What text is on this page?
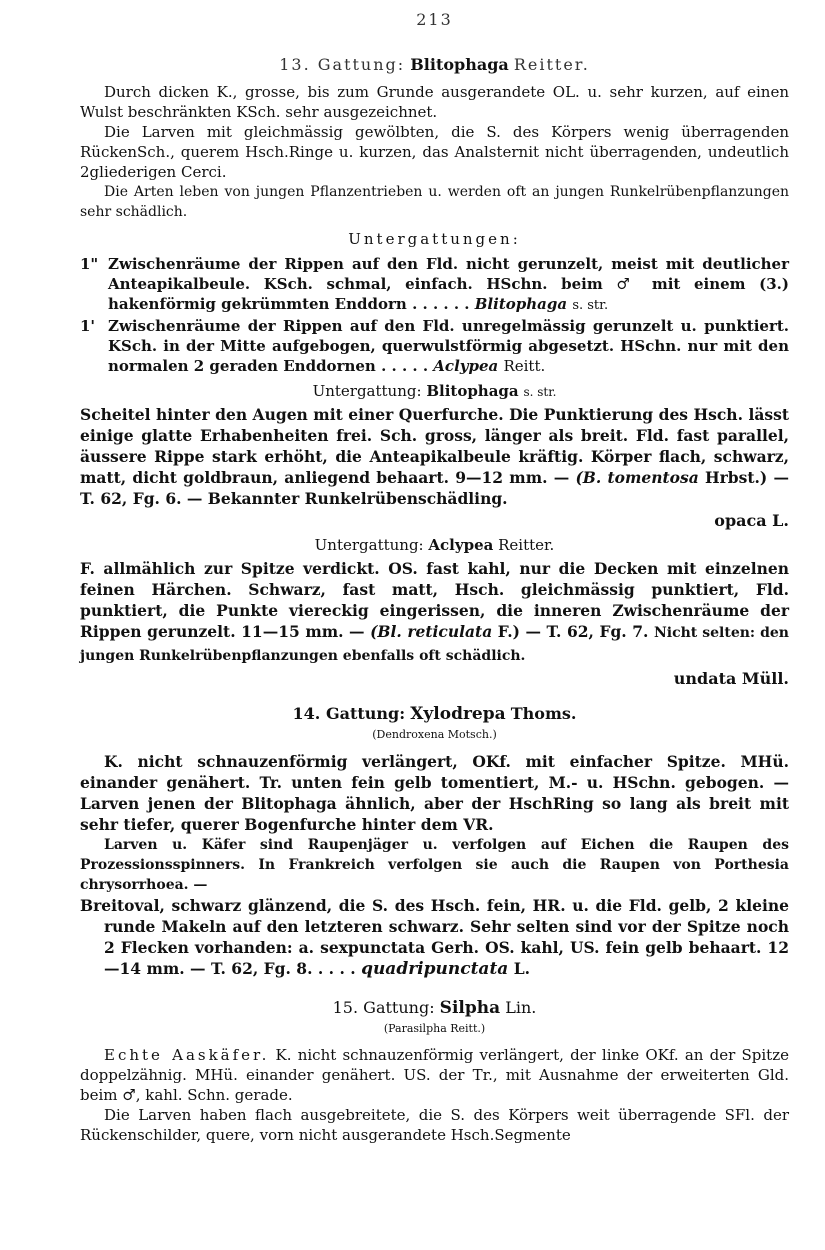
213
13. Gattung: Blitophaga Reitter.

Durch dicken K., grosse, bis zum Grunde ausgerandete OL. u. sehr kurzen, auf einen Wulst beschränkten KSch. sehr ausgezeichnet.

Die Larven mit gleichmässig gewölbten, die S. des Körpers wenig überragenden RückenSch., querem Hsch.Ringe u. kurzen, das Analsternit nicht überragenden, undeutlich 2gliederigen Cerci.

Die Arten leben von jungen Pflanzentrieben u. werden oft an jungen Runkelrübenpflanzungen sehr schädlich.

Untergattungen:
1" Zwischenräume der Rippen auf den Fld. nicht gerunzelt, meist mit deutlicher Anteapikalbeule. KSch. schmal, einfach. HSchn. beim ♂ mit einem (3.) hakenförmig gekrümmten Enddorn . . . . . . Blitophaga s. str.
1' Zwischenräume der Rippen auf den Fld. unregelmässig gerunzelt u. punktiert. KSch. in der Mitte aufgebogen, querwulstförmig abgesetzt. HSchn. nur mit den normalen 2 geraden Enddornen . . . . . Aclypea Reitt.
Untergattung: Blitophaga s. str.

Scheitel hinter den Augen mit einer Querfurche. Die Punktierung des Hsch. lässt einige glatte Erhabenheiten frei. Sch. gross, länger als breit. Fld. fast parallel, äussere Rippe stark erhöht, die Anteapikalbeule kräftig. Körper flach, schwarz, matt, dicht goldbraun, anliegend behaart. 9—12 mm. — (B. tomentosa Hrbst.) — T. 62, Fg. 6. — Bekannter Runkelrübenschädling.

opaca L.
Untergattung: Aclypea Reitter.

F. allmählich zur Spitze verdickt. OS. fast kahl, nur die Decken mit einzelnen feinen Härchen. Schwarz, fast matt, Hsch. gleichmässig punktiert, Fld. punktiert, die Punkte viereckig eingerissen, die inneren Zwischenräume der Rippen gerunzelt. 11—15 mm. — (Bl. reticulata F.) — T. 62, Fg. 7. Nicht selten: den jungen Runkelrübenpflanzungen ebenfalls oft schädlich.

undata Müll.
14. Gattung: Xylodrepa Thoms.
(Dendroxena Motsch.)

K. nicht schnauzenförmig verlängert, OKf. mit einfacher Spitze. MHü. einander genähert. Tr. unten fein gelb tomentiert, M.- u. HSchn. gebogen. — Larven jenen der Blitophaga ähnlich, aber der HschRing so lang als breit mit sehr tiefer, querer Bogenfurche hinter dem VR.

Larven u. Käfer sind Raupenjäger u. verfolgen auf Eichen die Raupen des Prozessionsspinners. In Frankreich verfolgen sie auch die Raupen von Porthesia chrysorrhoea. —

Breitoval, schwarz glänzend, die S. des Hsch. fein, HR. u. die Fld. gelb, 2 kleine runde Makeln auf den letzteren schwarz. Sehr selten sind vor der Spitze noch 2 Flecken vorhanden: a. sexpunctata Gerh. OS. kahl, US. fein gelb behaart. 12—14 mm. — T. 62, Fg. 8. . . . . quadripunctata L.

15. Gattung: Silpha Lin.
(Parasilpha Reitt.)

Echte Aaskäfer. K. nicht schnauzenförmig verlängert, der linke OKf. an der Spitze doppelzähnig. MHü. einander genähert. US. der Tr., mit Ausnahme der erweiterten Gld. beim ♂, kahl. Schn. gerade.

Die Larven haben flach ausgebreitete, die S. des Körpers weit überragende SFl. der Rückenschilder, quere, vorn nicht ausgerandete Hsch.Segmente
